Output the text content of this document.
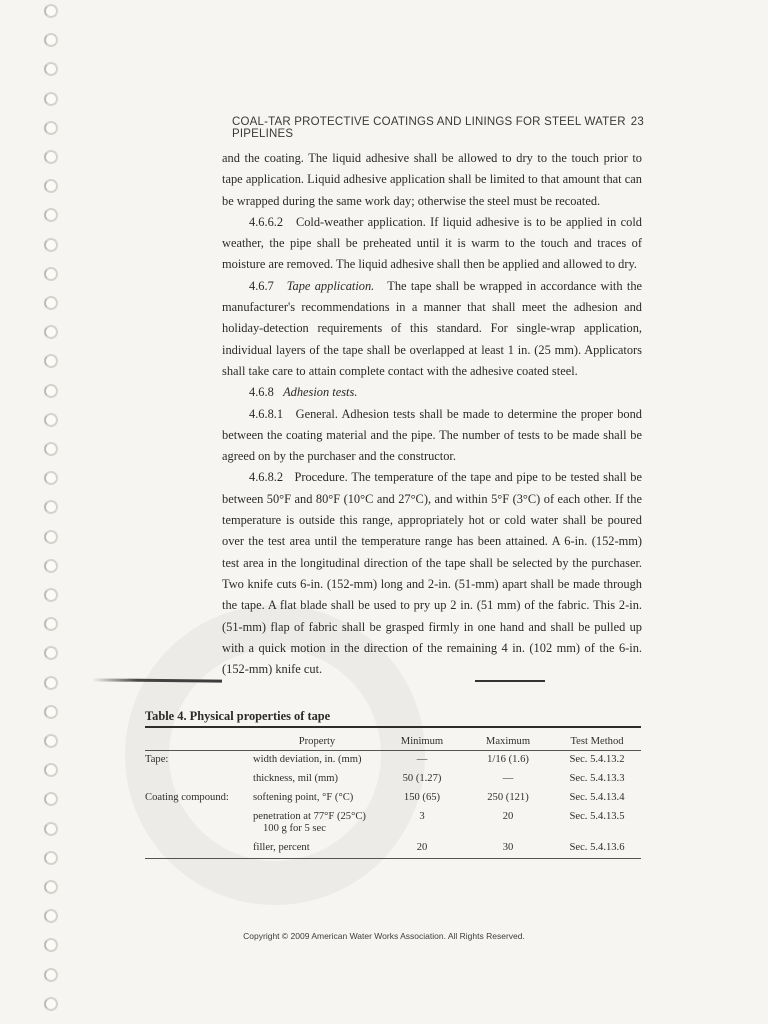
COAL-TAR PROTECTIVE COATINGS AND LININGS FOR STEEL WATER PIPELINES
23

and the coating. The liquid adhesive shall be allowed to dry to the touch prior to tape application. Liquid adhesive application shall be limited to that amount that can be wrapped during the same work day; otherwise the steel must be recoated.

4.6.6.2 Cold-weather application. If liquid adhesive is to be applied in cold weather, the pipe shall be preheated until it is warm to the touch and traces of moisture are removed. The liquid adhesive shall then be applied and allowed to dry.

4.6.7 Tape application. The tape shall be wrapped in accordance with the manufacturer's recommendations in a manner that shall meet the adhesion and holiday-detection requirements of this standard. For single-wrap application, individual layers of the tape shall be overlapped at least 1 in. (25 mm). Applicators shall take care to attain complete contact with the adhesive coated steel.

4.6.8 Adhesion tests.

4.6.8.1 General. Adhesion tests shall be made to determine the proper bond between the coating material and the pipe. The number of tests to be made shall be agreed on by the purchaser and the constructor.

4.6.8.2 Procedure. The temperature of the tape and pipe to be tested shall be between 50°F and 80°F (10°C and 27°C), and within 5°F (3°C) of each other. If the temperature is outside this range, appropriately hot or cold water shall be poured over the test area until the temperature range has been attained. A 6-in. (152-mm) test area in the longitudinal direction of the tape shall be selected by the purchaser. Two knife cuts 6-in. (152-mm) long and 2-in. (51-mm) apart shall be made through the tape. A flat blade shall be used to pry up 2 in. (51 mm) of the fabric. This 2-in. (51-mm) flap of fabric shall be grasped firmly in one hand and shall be pulled up with a quick motion in the direction of the remaining 4 in. (102 mm) of the 6-in. (152-mm) knife cut.

Table 4. Physical properties of tape
	Property	Minimum	Maximum	Test Method
Tape:	width deviation, in. (mm)	—	1/16 (1.6)	Sec. 5.4.13.2
	thickness, mil (mm)	50 (1.27)	—	Sec. 5.4.13.3
Coating compound:	softening point, °F (°C)	150 (65)	250 (121)	Sec. 5.4.13.4
	penetration at 77°F (25°C)
100 g for 5 sec	3	20	Sec. 5.4.13.5
	filler, percent	20	30	Sec. 5.4.13.6
Copyright © 2009 American Water Works Association. All Rights Reserved.
